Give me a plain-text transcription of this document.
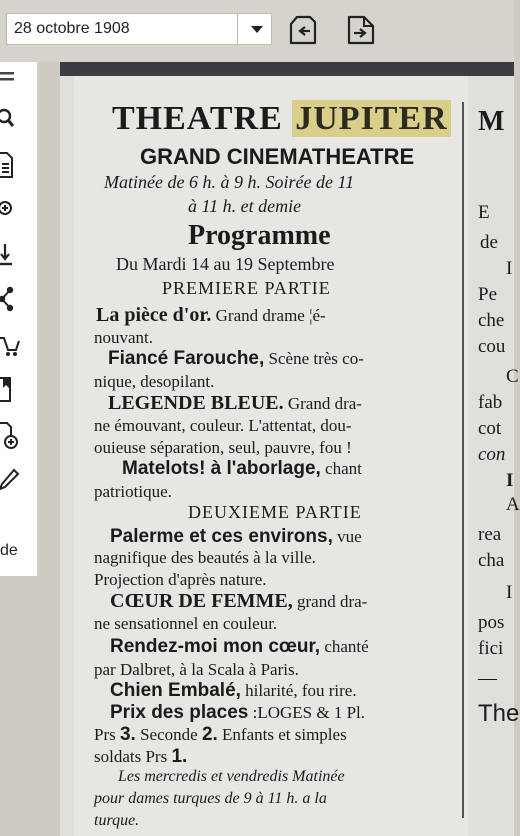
28 octobre 1908
de
THEATRE JUPITER
GRAND CINEMATHEATRE
Matinée de 6 h. à 9 h. Soirée de 11
à 11 h. et demie
Programme
Du Mardi 14 au 19 Septembre
PREMIERE PARTIE
La pièce d'or. Grand drame ¦é-
nouvant.
Fiancé Farouche, Scène très co-
nique, desopilant.
LEGENDE BLEUE. Grand dra-
ne émouvant, couleur. L'attentat, dou-
ouieuse séparation, seul, pauvre, fou !
Matelots! à l'aborlage, chant
patriotique.
DEUXIEME PARTIE
Palerme et ces environs, vue
nagnifique des beautés à la ville.
Projection d'après nature.
CŒUR DE FEMME, grand dra-
ne sensationnel en couleur.
Rendez-moi mon cœur, chanté
par Dalbret, à la Scala à Paris.
Chien Embalé, hilarité, fou rire.
Prix des places :LOGES & 1 Pl.
Prs 3. Seconde 2. Enfants et simples
soldats Prs 1.
Les mercredis et vendredis Matinée
pour dames turques de 9 à 11 h. a la
turque.
M
E
de
I
Pe
che
cou
C
fab
cot
con
I
A
rea
cha
I
pos
fici
—
The
